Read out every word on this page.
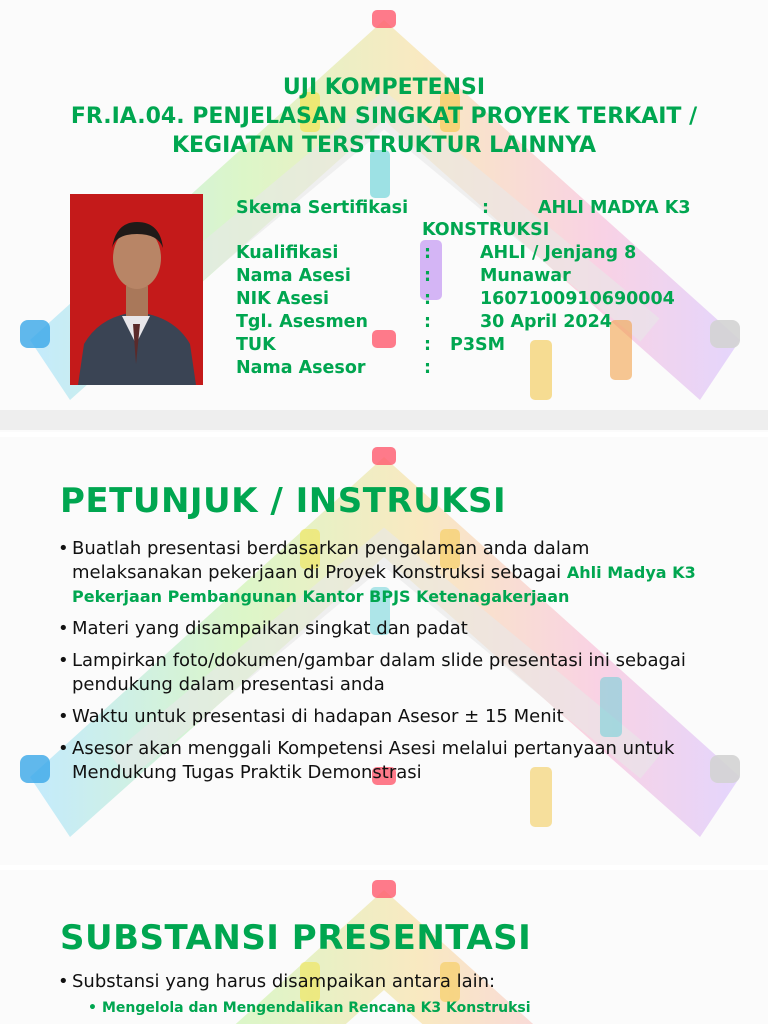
UJI KOMPETENSI
FR.IA.04. PENJELASAN SINGKAT PROYEK TERKAIT /
KEGIATAN TERSTRUKTUR LAINNYA
Skema Sertifikasi	:	AHLI MADYA K3
KONSTRUKSI
Kualifikasi	:	AHLI / Jenjang 8
Nama Asesi	:	Munawar
NIK Asesi	:	1607100910690004
Tgl. Asesmen	:	30 April 2024
TUK	: P3SM
Nama Asesor	:
PETUNJUK / INSTRUKSI
• Buatlah presentasi berdasarkan pengalaman anda dalam melaksanakan pekerjaan di Proyek Konstruksi sebagai Ahli Madya K3 Pekerjaan Pembangunan Kantor BPJS Ketenagakerjaan
• Materi yang disampaikan singkat dan padat
• Lampirkan foto/dokumen/gambar dalam slide presentasi ini sebagai pendukung dalam presentasi anda
• Waktu untuk presentasi di hadapan Asesor ± 15 Menit
• Asesor akan menggali Kompetensi Asesi melalui pertanyaan untuk Mendukung Tugas Praktik Demonstrasi
SUBSTANSI PRESENTASI
• Substansi yang harus disampaikan antara lain:
• Mengelola dan Mengendalikan Rencana K3 Konstruksi
